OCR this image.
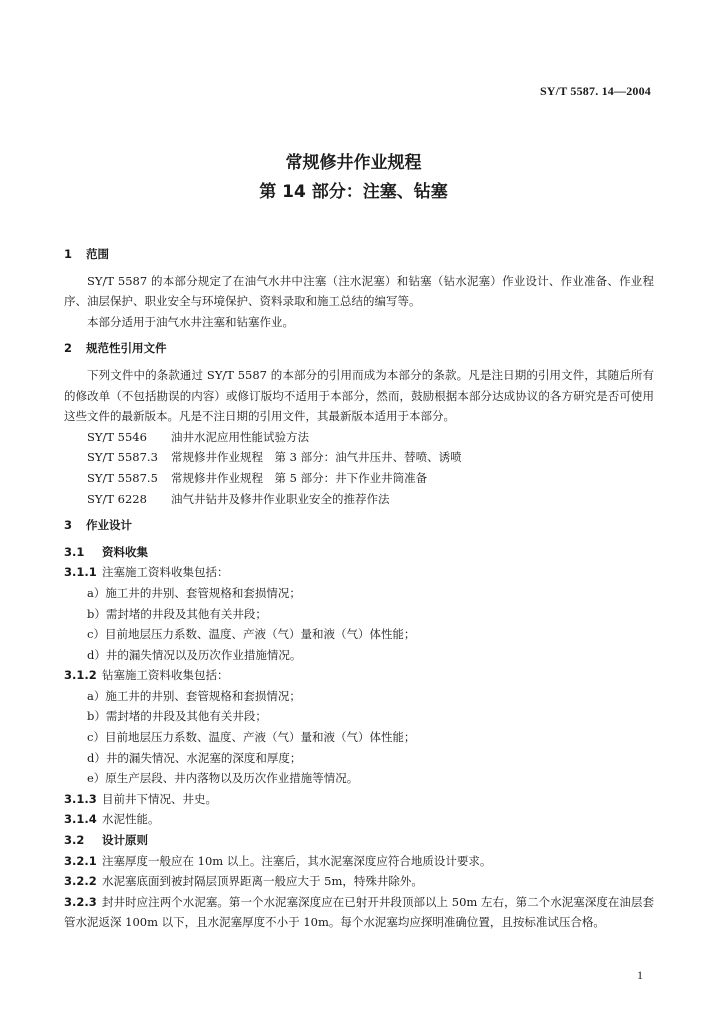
SY/T 5587. 14—2004
常规修井作业规程
第 14 部分：注塞、钻塞

1 范围

SY/T 5587 的本部分规定了在油气水井中注塞（注水泥塞）和钻塞（钻水泥塞）作业设计、作业准备、作业程序、油层保护、职业安全与环境保护、资料录取和施工总结的编写等。

本部分适用于油气水井注塞和钻塞作业。

2 规范性引用文件

下列文件中的条款通过 SY/T 5587 的本部分的引用而成为本部分的条款。凡是注日期的引用文件，其随后所有的修改单（不包括勘误的内容）或修订版均不适用于本部分，然而，鼓励根据本部分达成协议的各方研究是否可使用这些文件的最新版本。凡是不注日期的引用文件，其最新版本适用于本部分。

SY/T 5546 油井水泥应用性能试验方法

SY/T 5587.3 常规修井作业规程　第 3 部分：油气井压井、替喷、诱喷

SY/T 5587.5 常规修井作业规程　第 5 部分：井下作业井筒准备

SY/T 6228 油气井钻井及修井作业职业安全的推荐作法

3 作业设计

3.1 资料收集

3.1.1 注塞施工资料收集包括：

a）施工井的井别、套管规格和套损情况；

b）需封堵的井段及其他有关井段；

c）目前地层压力系数、温度、产液（气）量和液（气）体性能；

d）井的漏失情况以及历次作业措施情况。

3.1.2 钻塞施工资料收集包括：

a）施工井的井别、套管规格和套损情况；

b）需封堵的井段及其他有关井段；

c）目前地层压力系数、温度、产液（气）量和液（气）体性能；

d）井的漏失情况、水泥塞的深度和厚度；

e）原生产层段、井内落物以及历次作业措施等情况。

3.1.3 目前井下情况、井史。

3.1.4 水泥性能。

3.2 设计原则

3.2.1 注塞厚度一般应在 10m 以上。注塞后，其水泥塞深度应符合地质设计要求。

3.2.2 水泥塞底面到被封隔层顶界距离一般应大于 5m，特殊井除外。

3.2.3 封井时应注两个水泥塞。第一个水泥塞深度应在已射开井段顶部以上 50m 左右，第二个水泥塞深度在油层套管水泥返深 100m 以下，且水泥塞厚度不小于 10m。每个水泥塞均应探明准确位置，且按标准试压合格。

1
